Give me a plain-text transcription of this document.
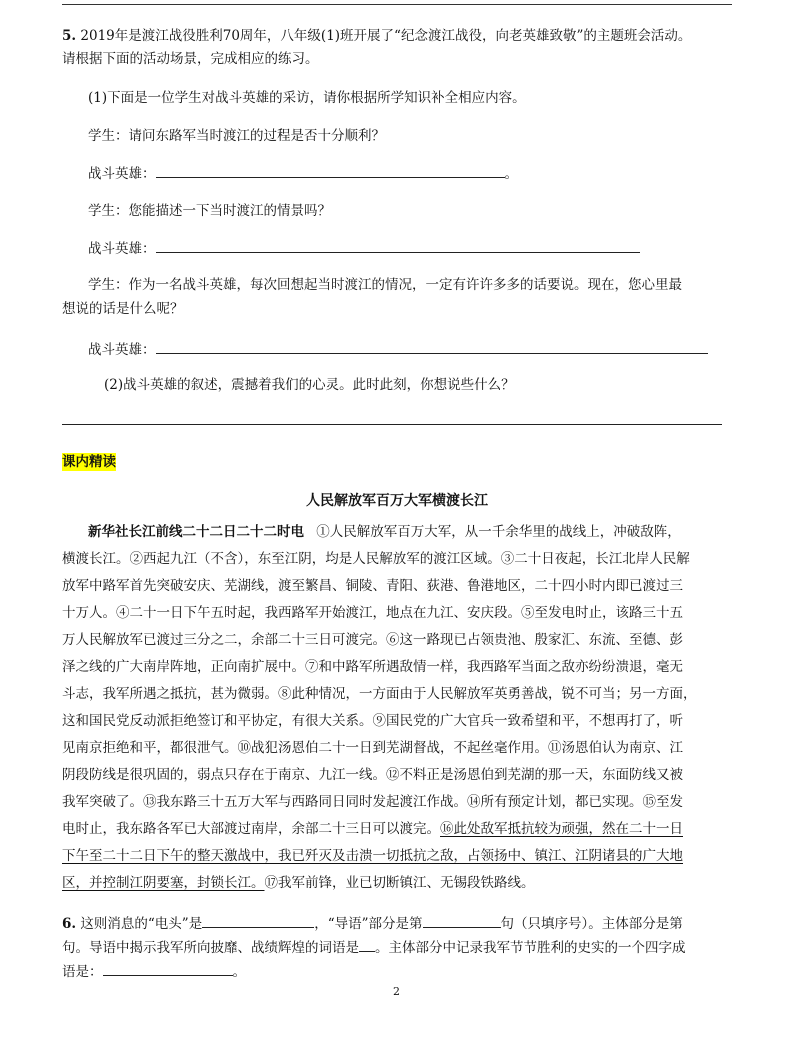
5. 2019年是渡江战役胜利70周年，八年级(1)班开展了“纪念渡江战役，向老英雄致敬”的主题班会活动。
请根据下面的活动场景，完成相应的练习。
(1)下面是一位学生对战斗英雄的采访，请你根据所学知识补全相应内容。
学生：请问东路军当时渡江的过程是否十分顺利？
战斗英雄：	。
学生：您能描述一下当时渡江的情景吗？
战斗英雄：
学生：作为一名战斗英雄，每次回想起当时渡江的情况，一定有许许多多的话要说。现在，您心里最
想说的话是什么呢？
战斗英雄：
(2)战斗英雄的叙述，震撼着我们的心灵。此时此刻，你想说些什么？
课内精读
人民解放军百万大军横渡长江
新华社长江前线二十二日二十二时电 ①人民解放军百万大军，从一千余华里的战线上，冲破敌阵，
横渡长江。②西起九江（不含），东至江阴，均是人民解放军的渡江区域。③二十日夜起，长江北岸人民解
放军中路军首先突破安庆、芜湖线，渡至繁昌、铜陵、青阳、荻港、鲁港地区，二十四小时内即已渡过三
十万人。④二十一日下午五时起，我西路军开始渡江，地点在九江、安庆段。⑤至发电时止，该路三十五
万人民解放军已渡过三分之二，余部二十三日可渡完。⑥这一路现已占领贵池、殷家汇、东流、至德、彭
泽之线的广大南岸阵地，正向南扩展中。⑦和中路军所遇敌情一样，我西路军当面之敌亦纷纷溃退，毫无
斗志，我军所遇之抵抗，甚为微弱。⑧此种情况，一方面由于人民解放军英勇善战，锐不可当；另一方面，
这和国民党反动派拒绝签订和平协定，有很大关系。⑨国民党的广大官兵一致希望和平，不想再打了，听
见南京拒绝和平，都很泄气。⑩战犯汤恩伯二十一日到芜湖督战，不起丝毫作用。⑪汤恩伯认为南京、江
阴段防线是很巩固的，弱点只存在于南京、九江一线。⑫不料正是汤恩伯到芜湖的那一天，东面防线又被
我军突破了。⑬我东路三十五万大军与西路同日同时发起渡江作战。⑭所有预定计划，都已实现。⑮至发
电时止，我东路各军已大部渡过南岸，余部二十三日可以渡完。⑯此处敌军抵抗较为顽强，然在二十一日
下午至二十二日下午的整天激战中，我已歼灭及击溃一切抵抗之敌，占领扬中、镇江、江阴诸县的广大地
区，并控制江阴要塞，封锁长江。⑰我军前锋，业已切断镇江、无锡段铁路线。
6. 这则消息的“电头”是	，“导语”部分是第	句（只填序号）。主体部分是第
句。导语中揭示我军所向披靡、战绩辉煌的词语是 。主体部分中记录我军节节胜利的史实的一个四字成
语是：	。
2
